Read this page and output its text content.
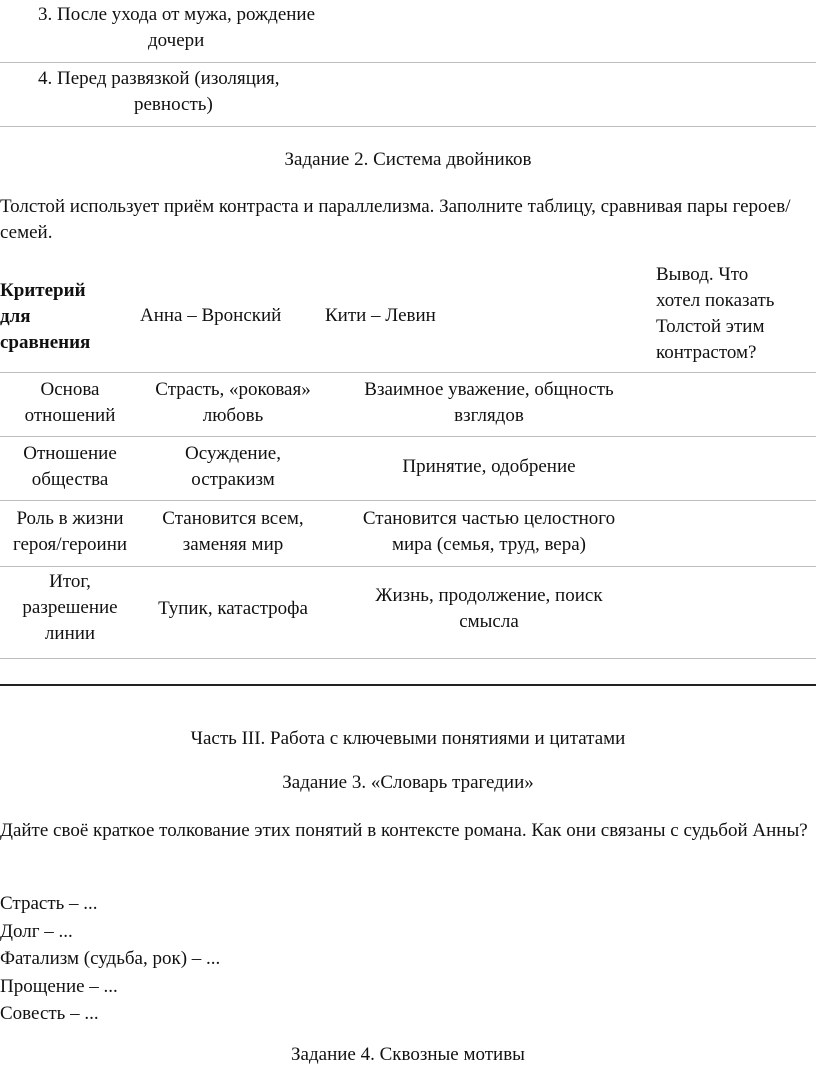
3. После ухода от мужа, рождение
дочери
4. Перед развязкой (изоляция,
ревность)
Задание 2. Система двойников
Толстой использует приём контраста и параллелизма. Заполните таблицу, сравнивая пары героев/семей.
Критерий
для
сравнения
Анна – Вронский Кити – Левин
Вывод. Что
хотел показать
Толстой этим
контрастом?
Основа
отношений
Страсть, «роковая»
любовь
Взаимное уважение, общность
взглядов
Отношение
общества
Осуждение,
остракизм
Принятие, одобрение
Роль в жизни
героя/героини
Становится всем,
заменяя мир
Становится частью целостного
мира (семья, труд, вера)
Итог,
разрешение
линии
Тупик, катастрофа
Жизнь, продолжение, поиск
смысла
Часть III. Работа с ключевыми понятиями и цитатами
Задание 3. «Словарь трагедии»
Дайте своё краткое толкование этих понятий в контексте романа. Как они связаны с судьбой Анны?
Страсть – ...
Долг – ...
Фатализм (судьба, рок) – ...
Прощение – ...
Совесть – ...
Задание 4. Сквозные мотивы
